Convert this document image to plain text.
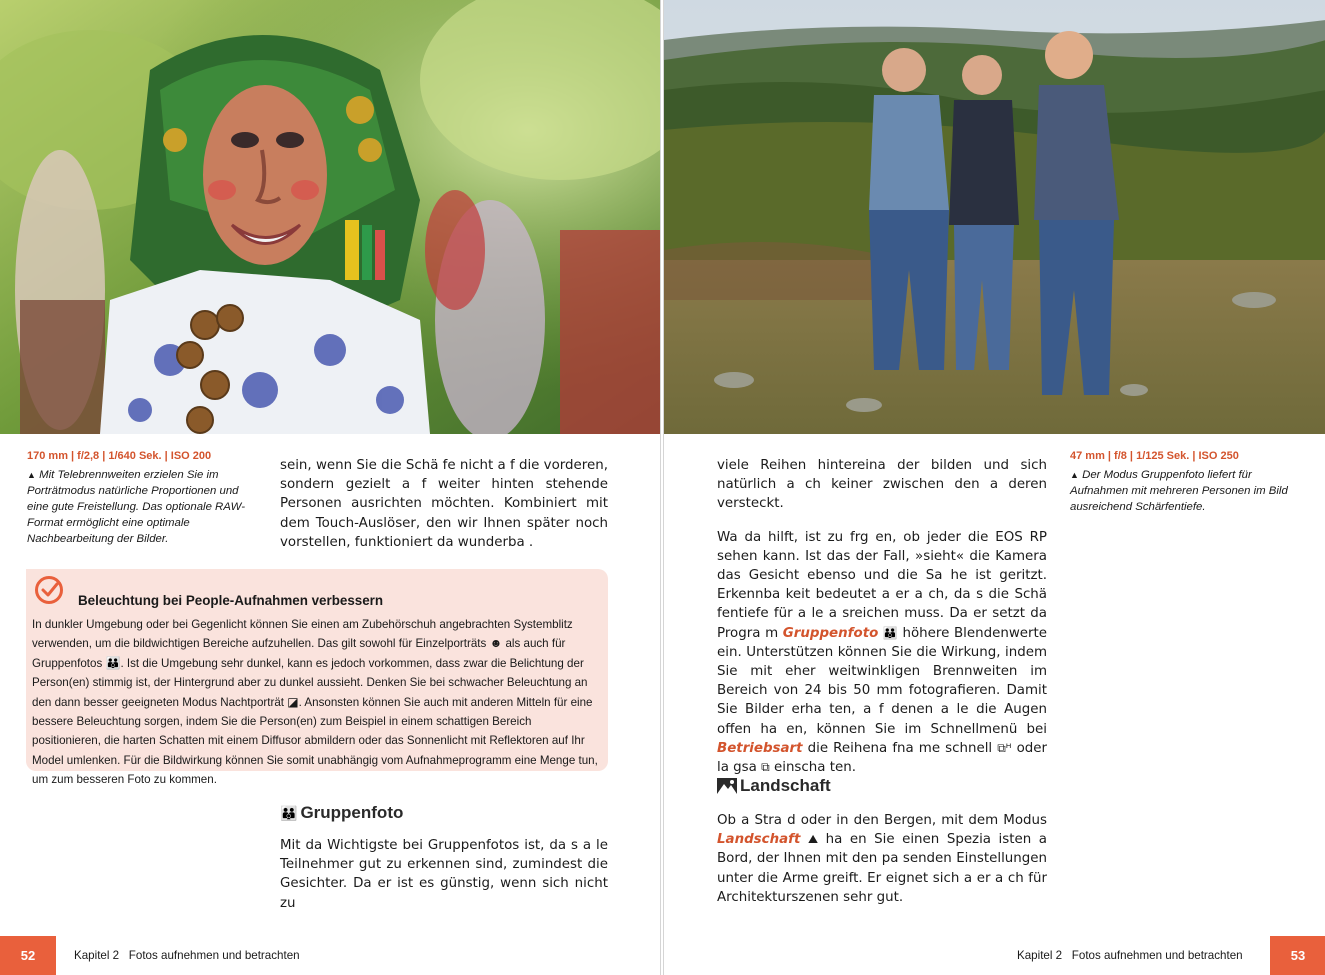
170 mm | f/2,8 | 1/640 Sek. | ISO 200
▲ Mit Telebrennweiten erzielen Sie im Porträtmodus natürliche Proportionen und eine gute Freistellung. Das optionale RAW-Format ermöglicht eine optimale Nachbearbeitung der Bilder.

sein, wenn Sie die Schä fe nicht a f die vorderen, sondern gezielt a f weiter hinten stehende Personen ausrichten möchten. Kombiniert mit dem Touch-Auslöser, den wir Ihnen später noch vorstellen, funktioniert da wunderba .

Beleuchtung bei People-Aufnahmen verbessern
In dunkler Umgebung oder bei Gegenlicht können Sie einen am Zubehörschuh angebrachten Systemblitz verwenden, um die bildwichtigen Bereiche aufzuhellen. Das gilt sowohl für Einzelporträts ☻ als auch für Gruppenfotos 👪. Ist die Umgebung sehr dunkel, kann es jedoch vorkommen, dass zwar die Belichtung der Person(en) stimmig ist, der Hintergrund aber zu dunkel aussieht. Denken Sie bei schwacher Beleuchtung an den dann besser geeigneten Modus Nachtporträt ◪. Ansonsten können Sie auch mit anderen Mitteln für eine bessere Beleuchtung sorgen, indem Sie die Person(en) zum Beispiel in einem schattigen Bereich positionieren, die harten Schatten mit einem Diffusor abmildern oder das Sonnenlicht mit Reflektoren auf Ihr Model umlenken. Für die Bildwirkung können Sie somit unabhängig vom Aufnahmeprogramm eine Menge tun, um zum besseren Foto zu kommen.
👪 Gruppenfoto

Mit da Wichtigste bei Gruppenfotos ist, da s a le Teilnehmer gut zu erkennen sind, zumindest die Gesichter. Da er ist es günstig, wenn sich nicht zu

52	Kapitel 2 Fotos aufnehmen und betrachten

viele Reihen hintereina der bilden und sich natürlich a ch keiner zwischen den a deren versteckt.

Wa da hilft, ist zu frg en, ob jeder die EOS RP sehen kann. Ist das der Fall, »sieht« die Kamera das Gesicht ebenso und die Sa he ist geritzt. Erkennba keit bedeutet a er a ch, da s die Schä fentiefe für a le a sreichen muss. Da er setzt da Progra m Gruppenfoto 👪 höhere Blendenwerte ein. Unterstützen können Sie die Wirkung, indem Sie mit eher weitwinkligen Brennweiten im Bereich von 24 bis 50 mm fotografieren. Damit Sie Bilder erha ten, a f denen a le die Augen offen ha en, können Sie im Schnellmenü bei Betriebsart die Reihena fna me schnell ⧉ᴴ oder la gsa ⧉ einscha ten.

Landschaft

Ob a Stra d oder in den Bergen, mit dem Modus Landschaft ⛰ ha en Sie einen Spezia isten a Bord, der Ihnen mit den pa senden Einstellungen unter die Arme greift. Er eignet sich a er a ch für Architekturszenen sehr gut.

47 mm | f/8 | 1/125 Sek. | ISO 250
▲ Der Modus Gruppenfoto liefert für Aufnahmen mit mehreren Personen im Bild ausreichend Schärfentiefe.
Kapitel 2 Fotos aufnehmen und betrachten	53
